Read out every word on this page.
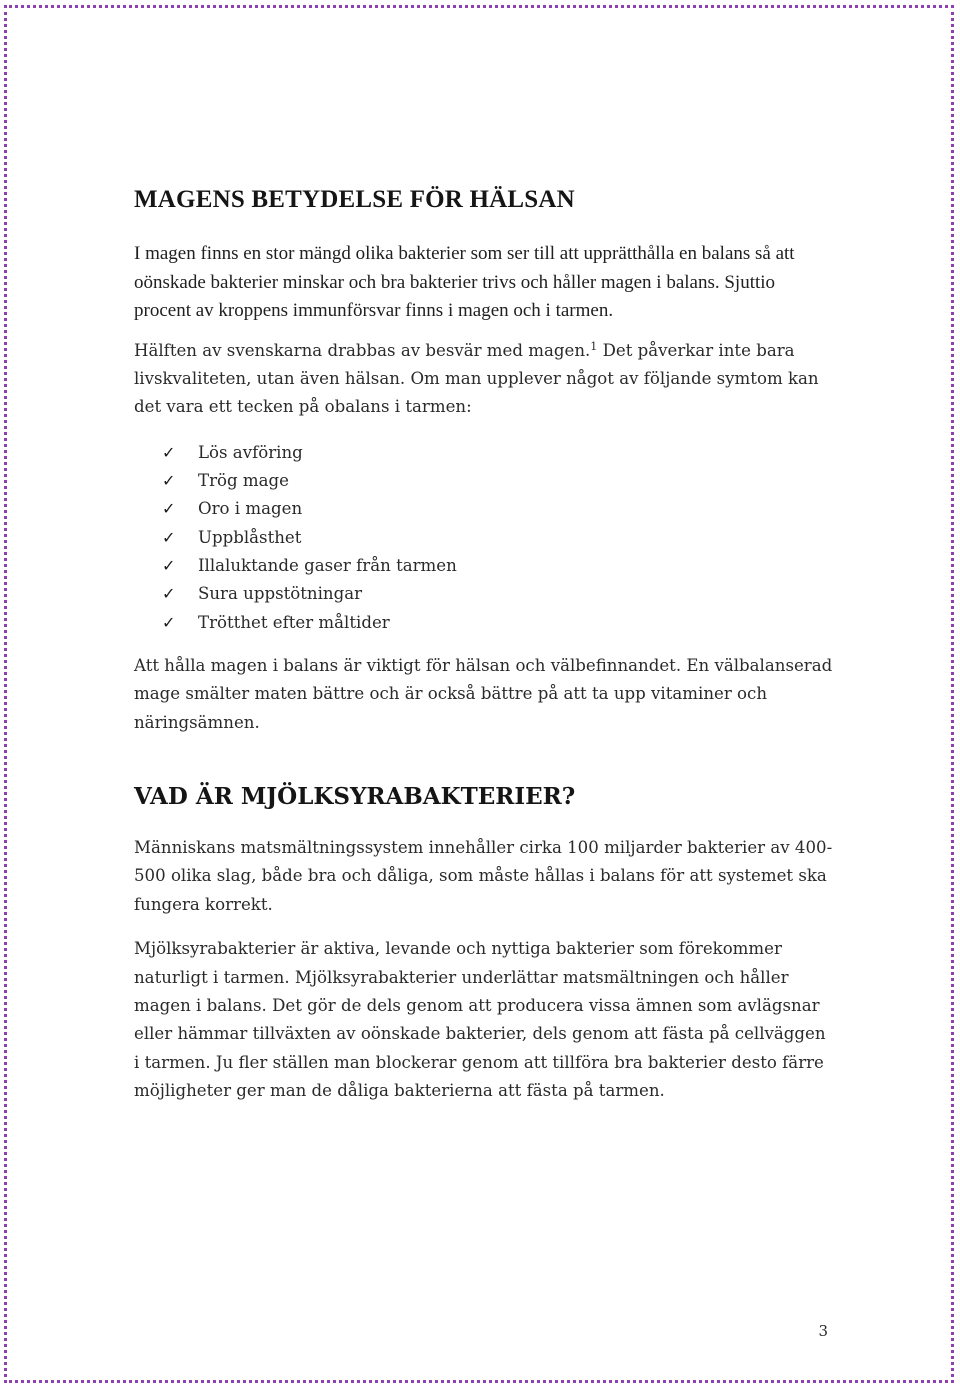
MAGENS BETYDELSE FÖR HÄLSAN

I magen finns en stor mängd olika bakterier som ser till att upprätthålla en balans så att oönskade bakterier minskar och bra bakterier trivs och håller magen i balans. Sjuttio procent av kroppens immunförsvar finns i magen och i tarmen.

Hälften av svenskarna drabbas av besvär med magen.$^1$ Det påverkar inte bara livskvaliteten, utan även hälsan. Om man upplever något av följande symtom kan det vara ett tecken på obalans i tarmen:

✓	Lös avföring
✓	Trög mage
✓	Oro i magen
✓	Uppblåsthet
✓	Illaluktande gaser från tarmen
✓	Sura uppstötningar
✓	Trötthet efter måltider

Att hålla magen i balans är viktigt för hälsan och välbefinnandet. En välbalanserad mage smälter maten bättre och är också bättre på att ta upp vitaminer och näringsämnen.

VAD ÄR MJÖLKSYRABAKTERIER?

Människans matsmältningssystem innehåller cirka 100 miljarder bakterier av 400-500 olika slag, både bra och dåliga, som måste hållas i balans för att systemet ska fungera korrekt.

Mjölksyrabakterier är aktiva, levande och nyttiga bakterier som förekommer naturligt i tarmen. Mjölksyrabakterier underlättar matsmältningen och håller magen i balans. Det gör de dels genom att producera vissa ämnen som avlägsnar eller hämmar tillväxten av oönskade bakterier, dels genom att fästa på cellväggen i tarmen. Ju fler ställen man blockerar genom att tillföra bra bakterier desto färre möjligheter ger man de dåliga bakterierna att fästa på tarmen.

3
